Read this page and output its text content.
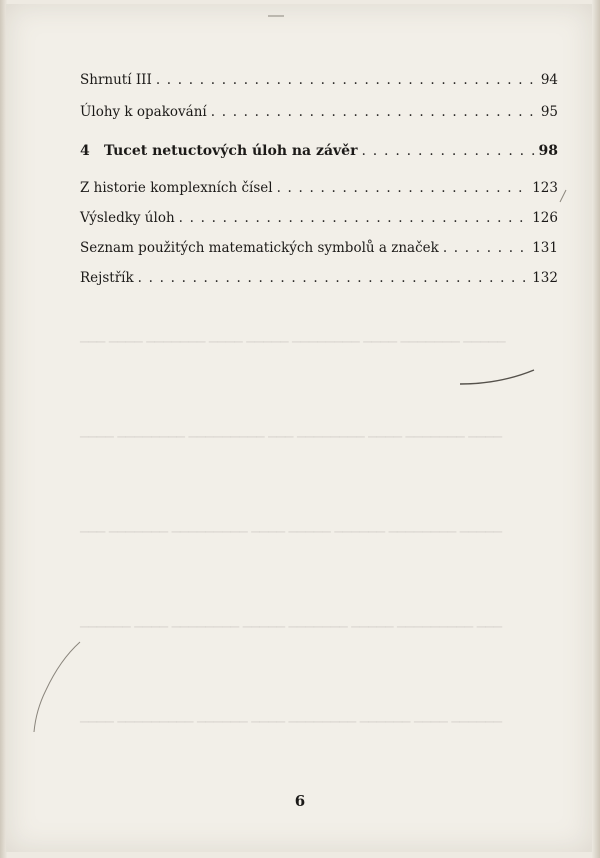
▁▁▁ ▁▁▁▁ ▁▁▁▁▁▁▁ ▁▁▁▁ ▁▁▁▁▁ ▁▁▁▁▁▁▁▁ ▁▁▁▁ ▁▁▁▁▁▁▁ ▁▁▁▁▁
▁▁▁▁ ▁▁▁▁▁▁▁▁ ▁▁▁▁▁▁▁▁▁ ▁▁▁ ▁▁▁▁▁▁▁▁ ▁▁▁▁ ▁▁▁▁▁▁▁ ▁▁▁▁
▁▁▁ ▁▁▁▁▁▁▁ ▁▁▁▁▁▁▁▁▁ ▁▁▁▁ ▁▁▁▁▁ ▁▁▁▁▁▁ ▁▁▁▁▁▁▁▁ ▁▁▁▁▁
▁▁▁▁▁▁ ▁▁▁▁ ▁▁▁▁▁▁▁▁ ▁▁▁▁▁ ▁▁▁▁▁▁▁ ▁▁▁▁▁ ▁▁▁▁▁▁▁▁▁ ▁▁▁
▁▁▁▁ ▁▁▁▁▁▁▁▁▁ ▁▁▁▁▁▁ ▁▁▁▁ ▁▁▁▁▁▁▁▁ ▁▁▁▁▁▁ ▁▁▁▁ ▁▁▁▁▁▁
Shrnutí III . . .	94
Úlohy k opakování . . .	95
4 Tucet netuctových úloh na závěr . . .	98
Z historie komplexních čísel . . .	123
Výsledky úloh . . .	126
Seznam použitých matematických symbolů a značek . . .	131
Rejstřík . . .	132
6
